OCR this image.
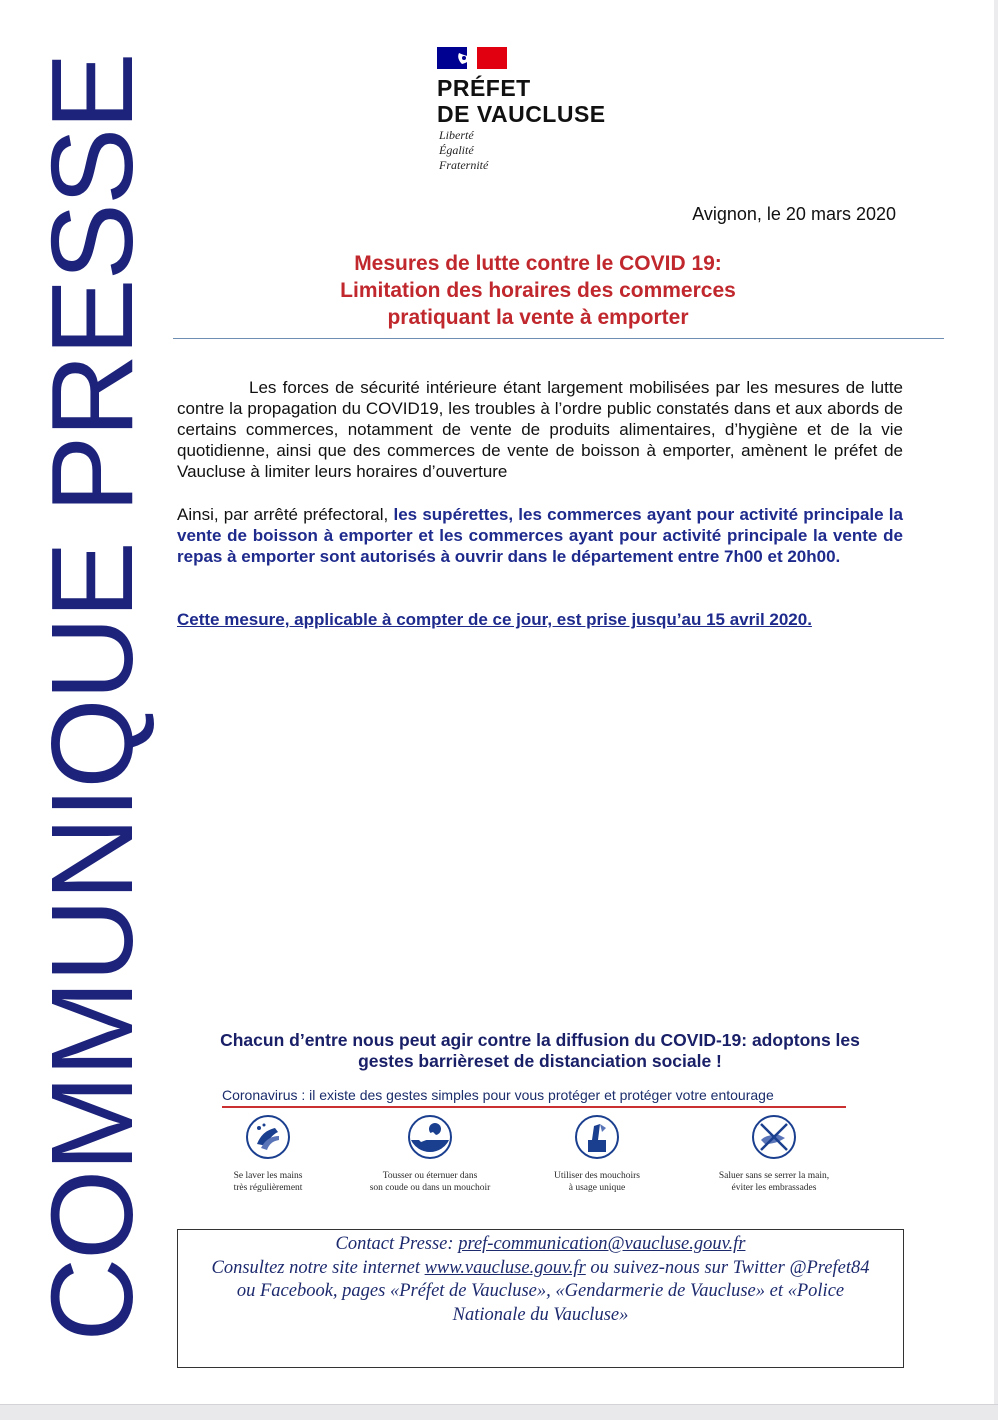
COMMUNIQUE PRESSE	PRÉFET
DE VAUCLUSE
Liberté
Égalité
Fraternité
Avignon, le 20 mars 2020
Mesures de lutte contre le COVID 19:
Limitation des horaires des commerces
pratiquant la vente à emporter
Les forces de sécurité intérieure étant largement mobilisées par les mesures de lutte contre la propagation du COVID19, les troubles à l’ordre public constatés dans et aux abords de certains commerces, notamment de vente de produits alimentaires, d’hygiène et de la vie quotidienne, ainsi que des commerces de vente de boisson à emporter, amènent le préfet de Vaucluse à limiter leurs horaires d’ouverture
Ainsi, par arrêté préfectoral, les supérettes, les commerces ayant pour activité principale la vente de boisson à emporter et les commerces ayant pour activité principale la vente de repas à emporter sont autorisés à ouvrir dans le département entre 7h00 et 20h00.
Cette mesure, applicable à compter de ce jour, est prise jusqu’au 15 avril 2020.
Chacun d’entre nous peut agir contre la diffusion du COVID-19: adoptons les
gestes barrièreset de distanciation sociale !
Coronavirus : il existe des gestes simples pour vous protéger et protéger votre entourage
Se laver les mains
très régulièrement
Tousser ou éternuer dans
son coude ou dans un mouchoir
Utiliser des mouchoirs
à usage unique
Saluer sans se serrer la main,
éviter les embrassades
Contact Presse: pref-communication@vaucluse.gouv.fr
Consultez notre site internet www.vaucluse.gouv.fr ou suivez-nous sur Twitter @Prefet84
ou Facebook, pages «Préfet de Vaucluse», «Gendarmerie de Vaucluse» et «Police
Nationale du Vaucluse»
